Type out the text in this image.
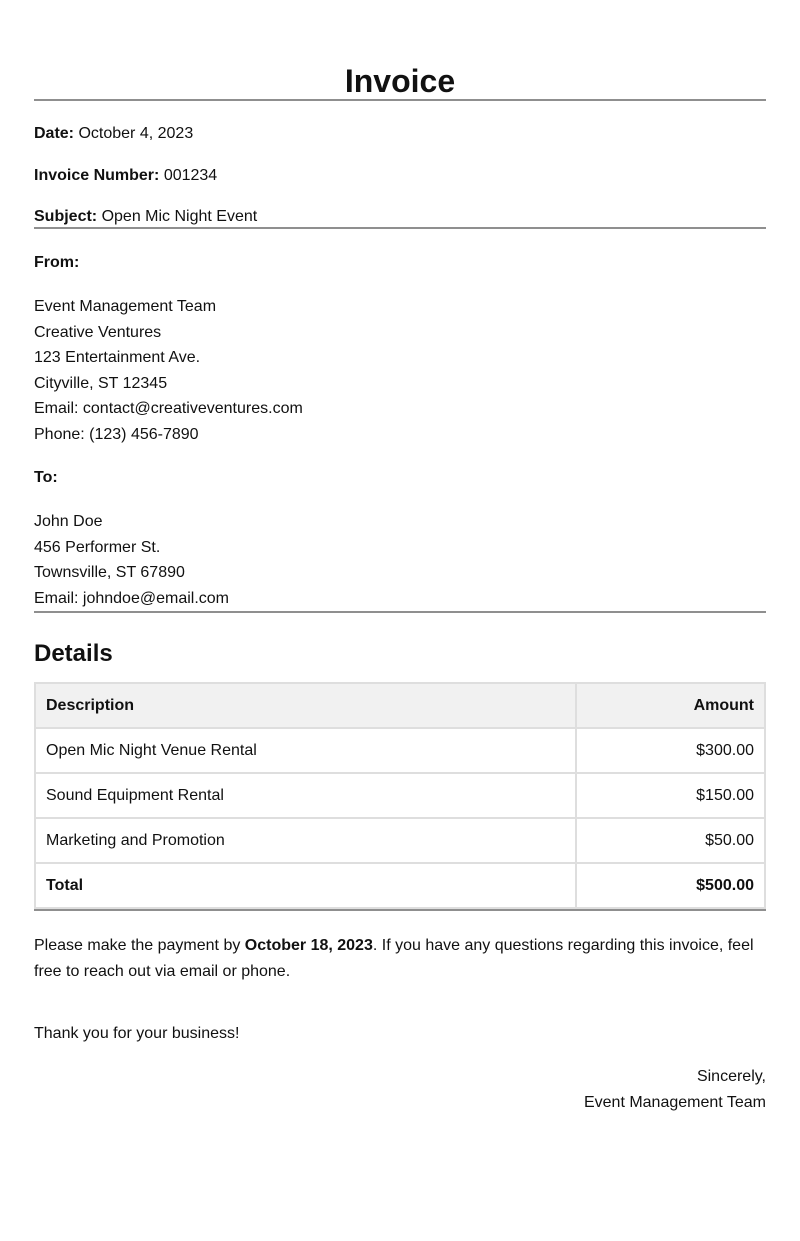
Invoice

Date: October 4, 2023

Invoice Number: 001234

Subject: Open Mic Night Event

From:

Event Management Team
Creative Ventures
123 Entertainment Ave.
Cityville, ST 12345
Email: contact@creativeventures.com
Phone: (123) 456-7890

To:

John Doe
456 Performer St.
Townsville, ST 67890
Email: johndoe@email.com
Details
Description	Amount
Open Mic Night Venue Rental	$300.00
Sound Equipment Rental	$150.00
Marketing and Promotion	$50.00
Total	$500.00

Please make the payment by October 18, 2023. If you have any questions regarding this invoice, feel free to reach out via email or phone.

Thank you for your business!

Sincerely,
Event Management Team
